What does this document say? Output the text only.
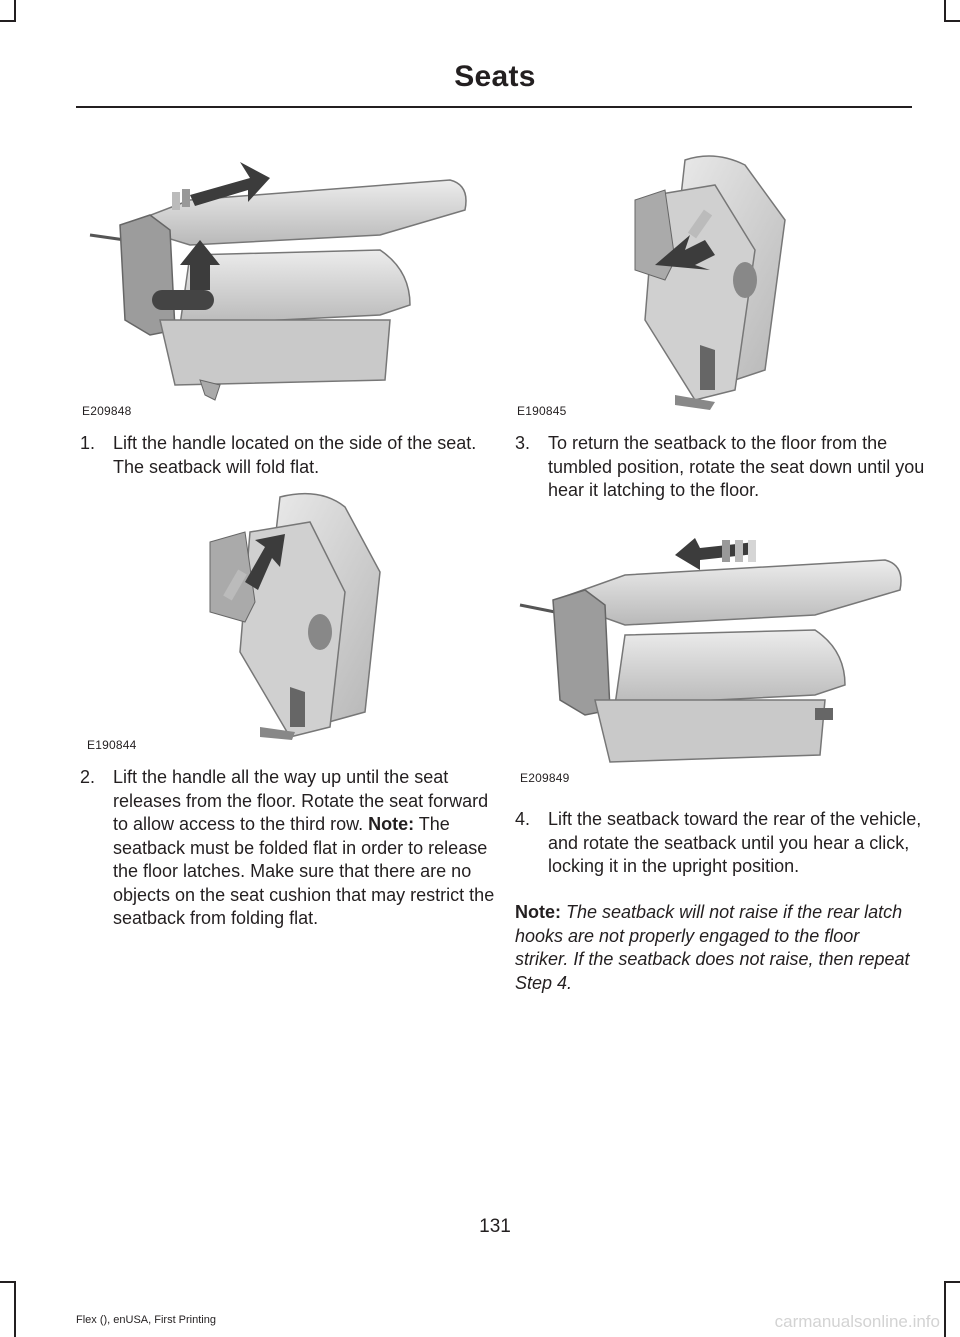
Seats
E209848	E190845
1. Lift the handle located on the side of the seat. The seatback will fold flat.
3. To return the seatback to the floor from the tumbled position, rotate the seat down until you hear it latching to the floor.
E190844
E209849
2. Lift the handle all the way up until the seat releases from the floor. Rotate the seat forward to allow access to the third row. Note: The seatback must be folded flat in order to release the floor latches. Make sure that there are no objects on the seat cushion that may restrict the seatback from folding flat.
4. Lift the seatback toward the rear of the vehicle, and rotate the seatback until you hear a click, locking it in the upright position.
Note: The seatback will not raise if the rear latch hooks are not properly engaged to the floor striker. If the seatback does not raise, then repeat Step 4.
131
Flex (), enUSA, First Printing	carmanualsonline.info
